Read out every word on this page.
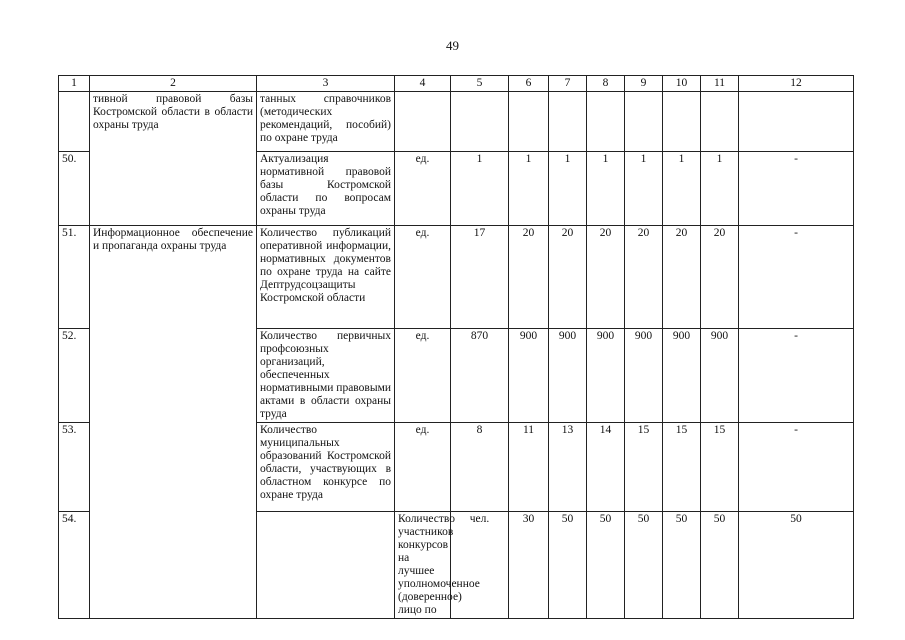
49
1	2	3	4	5	6	7	8	9	10	11	12	
	тивной правовой базы Костромской области в области охраны труда	танных справочников (методических рекомендаций, пособий) по охране труда										
50.		Актуализация нормативной правовой базы Костромской области по вопросам охраны труда	ед.	1	1	1	1	1	1	1	-	
51.	Информационное обеспечение и пропаганда охраны труда	Количество публикаций оперативной информации, нормативных документов по охране труда на сайте Дептрудсоцзащиты Костромской области	ед.	17	20	20	20	20	20	20	-	
52.		Количество первичных профсоюзных организаций, обеспеченных нормативными правовыми актами в области охраны труда	ед.	870	900	900	900	900	900	900	-	
53.		Количество муниципальных образований Костромской области, участвующих в областном конкурсе по охране труда	ед.	8	11	13	14	15	15	15	-	
54.			Количество участников конкурсов на лучшее уполномоченное (доверенное) лицо по	чел.	30	50	50	50	50	50	50	
